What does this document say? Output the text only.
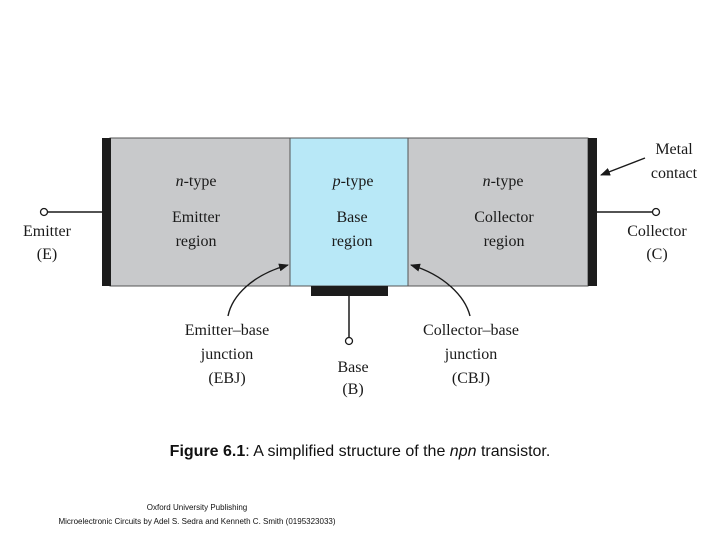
n-type
Emitter
region
p-type
Base
region
n-type
Collector
region
Emitter
(E)
Collector
(C)
Base
(B)
Metal
contact
Emitter–base
junction
(EBJ)
Collector–base
junction
(CBJ)
Figure 6.1: A simplified structure of the npn transistor.
Oxford University Publishing
Microelectronic Circuits by Adel S. Sedra and Kenneth C. Smith (0195323033)
